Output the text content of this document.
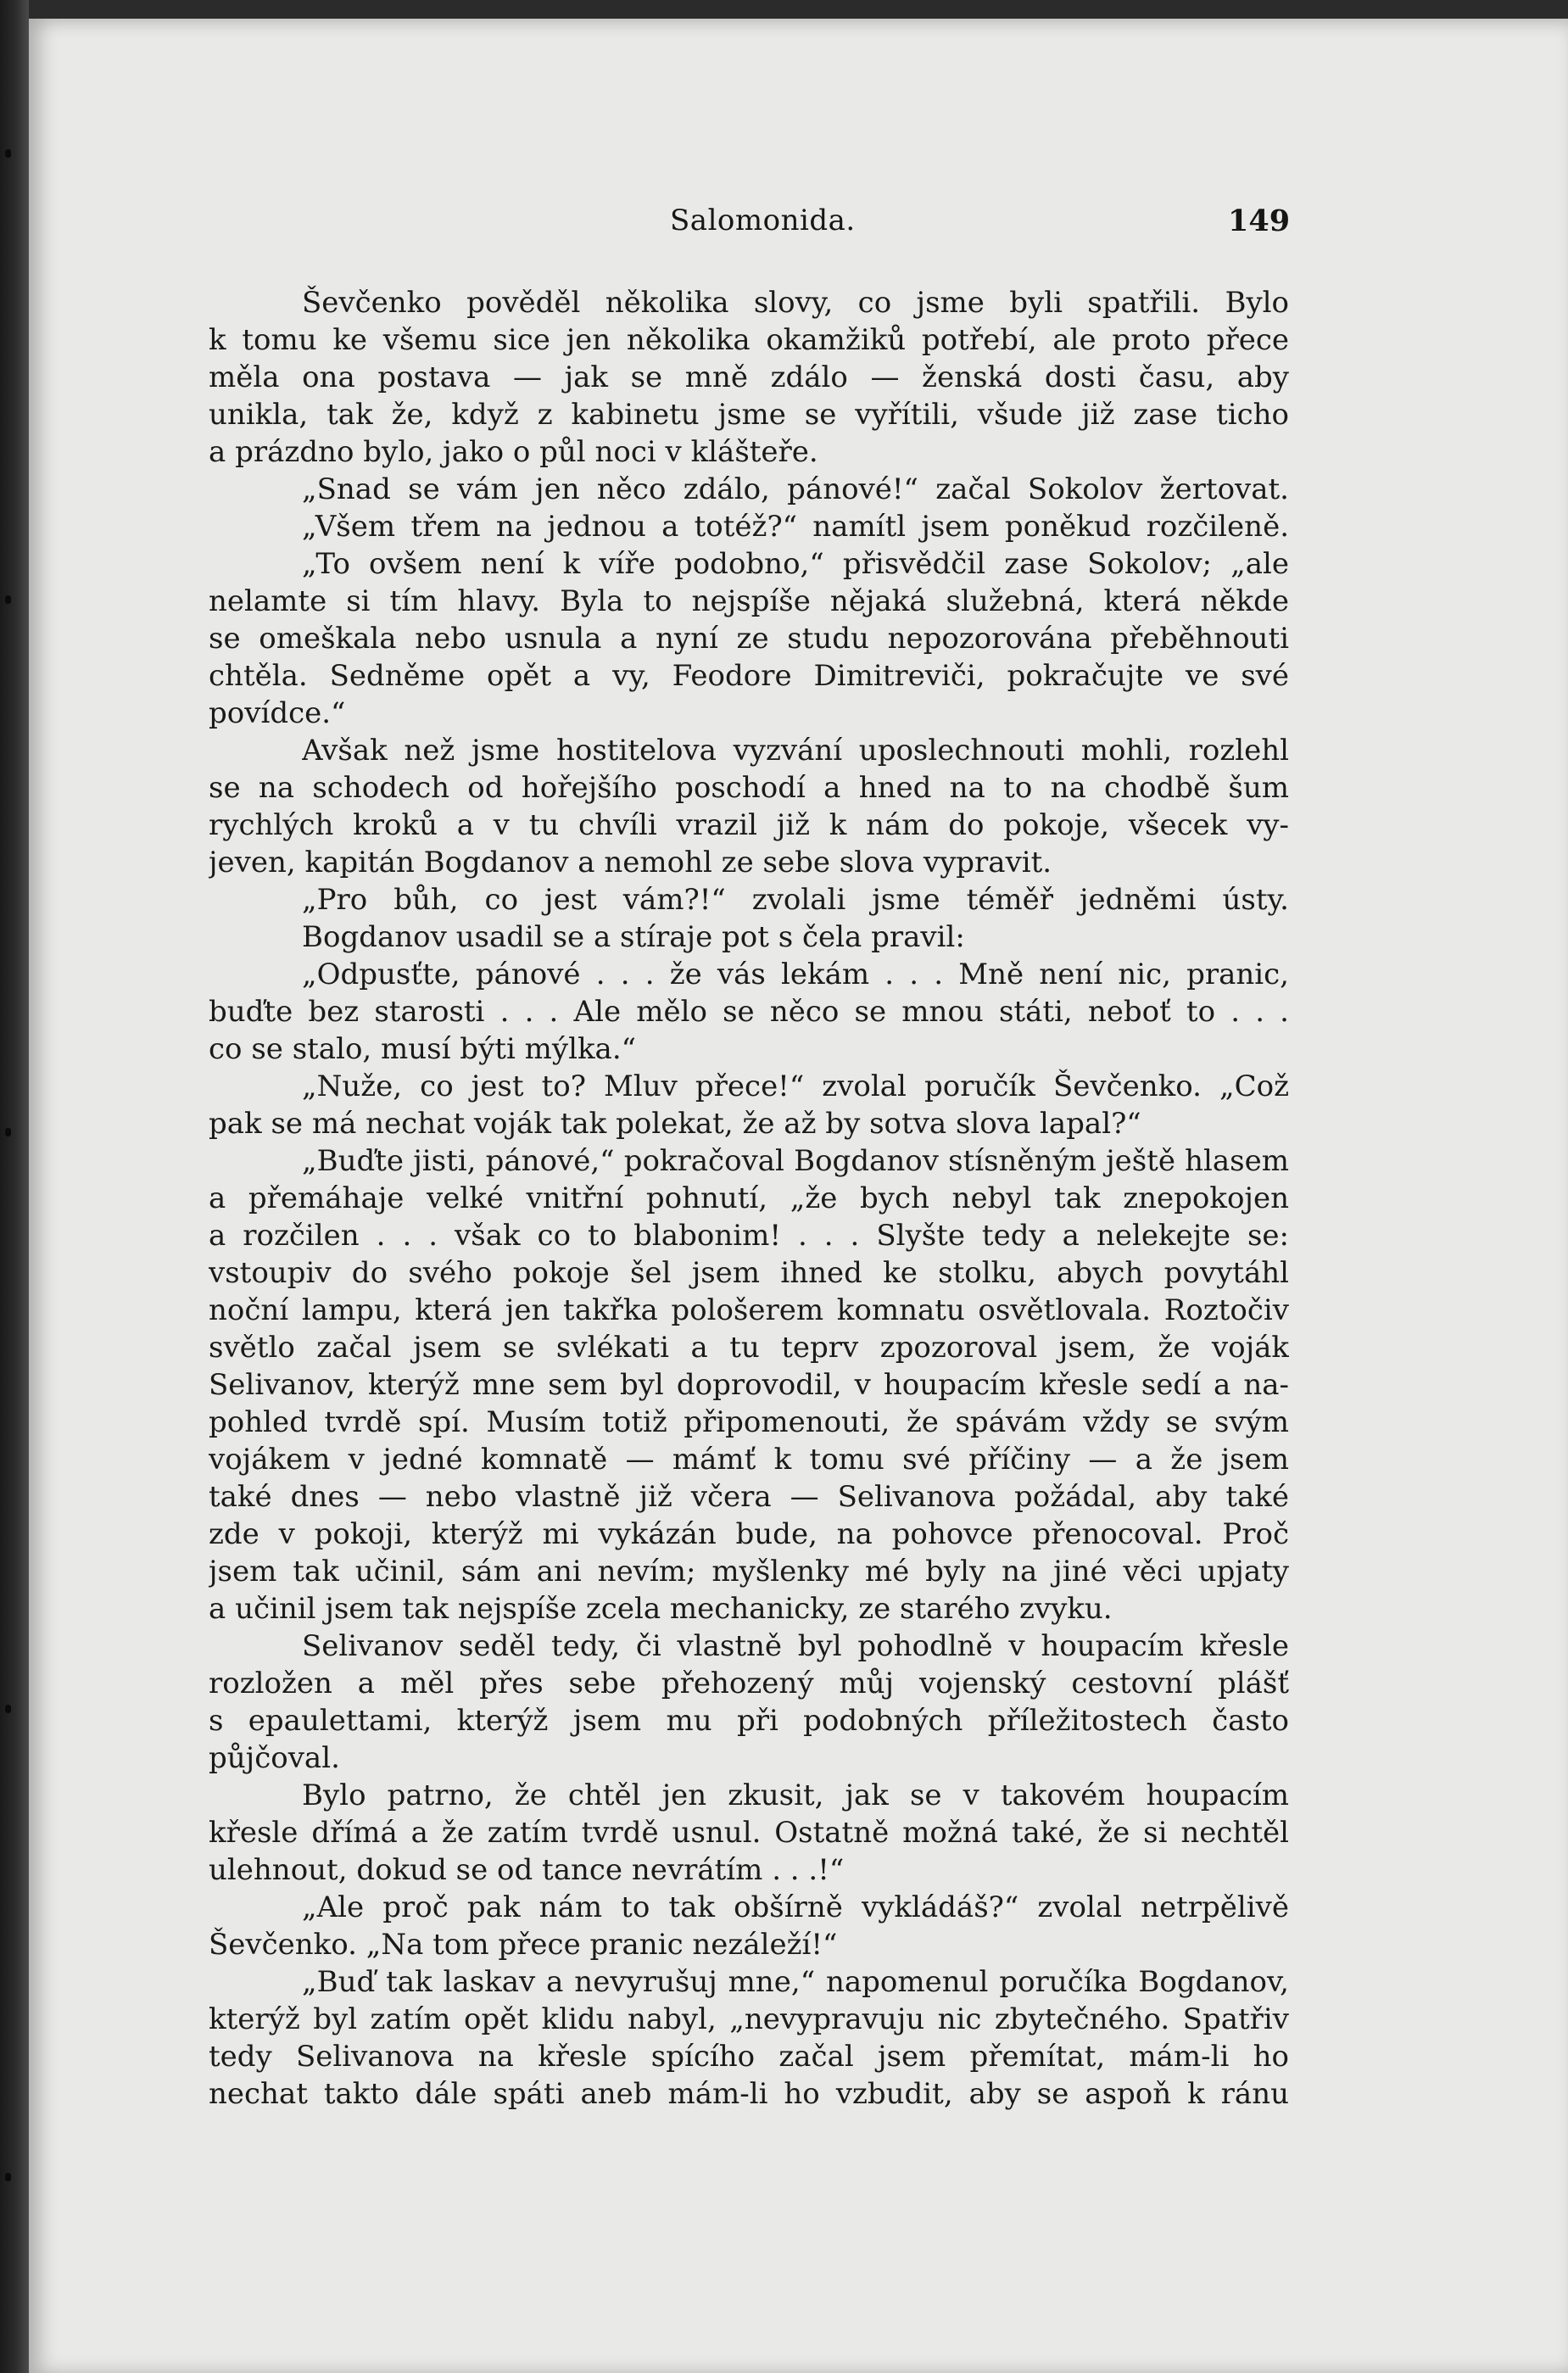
Salomonida.	149
Ševčenko pověděl několika slovy, co jsme byli spatřili. Bylo
k tomu ke všemu sice jen několika okamžiků potřebí, ale proto přece
měla ona postava — jak se mně zdálo — ženská dosti času, aby
unikla, tak že, když z kabinetu jsme se vyřítili, všude již zase ticho
a prázdno bylo, jako o půl noci v klášteře.
„Snad se vám jen něco zdálo, pánové!“ začal Sokolov žertovat.
„Všem třem na jednou a totéž?“ namítl jsem poněkud rozčileně.
„To ovšem není k víře podobno,“ přisvědčil zase Sokolov; „ale
nelamte si tím hlavy. Byla to nejspíše nějaká služebná, která někde
se omeškala nebo usnula a nyní ze studu nepozorována přeběhnouti
chtěla. Sedněme opět a vy, Feodore Dimitreviči, pokračujte ve své
povídce.“
Avšak než jsme hostitelova vyzvání uposlechnouti mohli, rozlehl
se na schodech od hořejšího poschodí a hned na to na chodbě šum
rychlých kroků a v tu chvíli vrazil již k nám do pokoje, všecek vy-
jeven, kapitán Bogdanov a nemohl ze sebe slova vypravit.
„Pro bůh, co jest vám?!“ zvolali jsme téměř jedněmi ústy.
Bogdanov usadil se a stíraje pot s čela pravil:
„Odpusťte, pánové . . . že vás lekám . . . Mně není nic, pranic,
buďte bez starosti . . . Ale mělo se něco se mnou státi, neboť to . . .
co se stalo, musí býti mýlka.“
„Nuže, co jest to? Mluv přece!“ zvolal poručík Ševčenko. „Což
pak se má nechat voják tak polekat, že až by sotva slova lapal?“
„Buďte jisti, pánové,“ pokračoval Bogdanov stísněným ještě hlasem
a přemáhaje velké vnitřní pohnutí, „že bych nebyl tak znepokojen
a rozčilen . . . však co to blabonim! . . . Slyšte tedy a nelekejte se:
vstoupiv do svého pokoje šel jsem ihned ke stolku, abych povytáhl
noční lampu, která jen takřka pološerem komnatu osvětlovala. Roztočiv
světlo začal jsem se svlékati a tu teprv zpozoroval jsem, že voják
Selivanov, kterýž mne sem byl doprovodil, v houpacím křesle sedí a na-
pohled tvrdě spí. Musím totiž připomenouti, že spávám vždy se svým
vojákem v jedné komnatě — mámť k tomu své příčiny — a že jsem
také dnes — nebo vlastně již včera — Selivanova požádal, aby také
zde v pokoji, kterýž mi vykázán bude, na pohovce přenocoval. Proč
jsem tak učinil, sám ani nevím; myšlenky mé byly na jiné věci upjaty
a učinil jsem tak nejspíše zcela mechanicky, ze starého zvyku.
Selivanov seděl tedy, či vlastně byl pohodlně v houpacím křesle
rozložen a měl přes sebe přehozený můj vojenský cestovní plášť
s epaulettami, kterýž jsem mu při podobných příležitostech často
půjčoval.
Bylo patrno, že chtěl jen zkusit, jak se v takovém houpacím
křesle dřímá a že zatím tvrdě usnul. Ostatně možná také, že si nechtěl
ulehnout, dokud se od tance nevrátím . . .!“
„Ale proč pak nám to tak obšírně vykládáš?“ zvolal netrpělivě
Ševčenko. „Na tom přece pranic nezáleží!“
„Buď tak laskav a nevyrušuj mne,“ napomenul poručíka Bogdanov,
kterýž byl zatím opět klidu nabyl, „nevypravuju nic zbytečného. Spatřiv
tedy Selivanova na křesle spícího začal jsem přemítat, mám-li ho
nechat takto dále spáti aneb mám-li ho vzbudit, aby se aspoň k ránu
